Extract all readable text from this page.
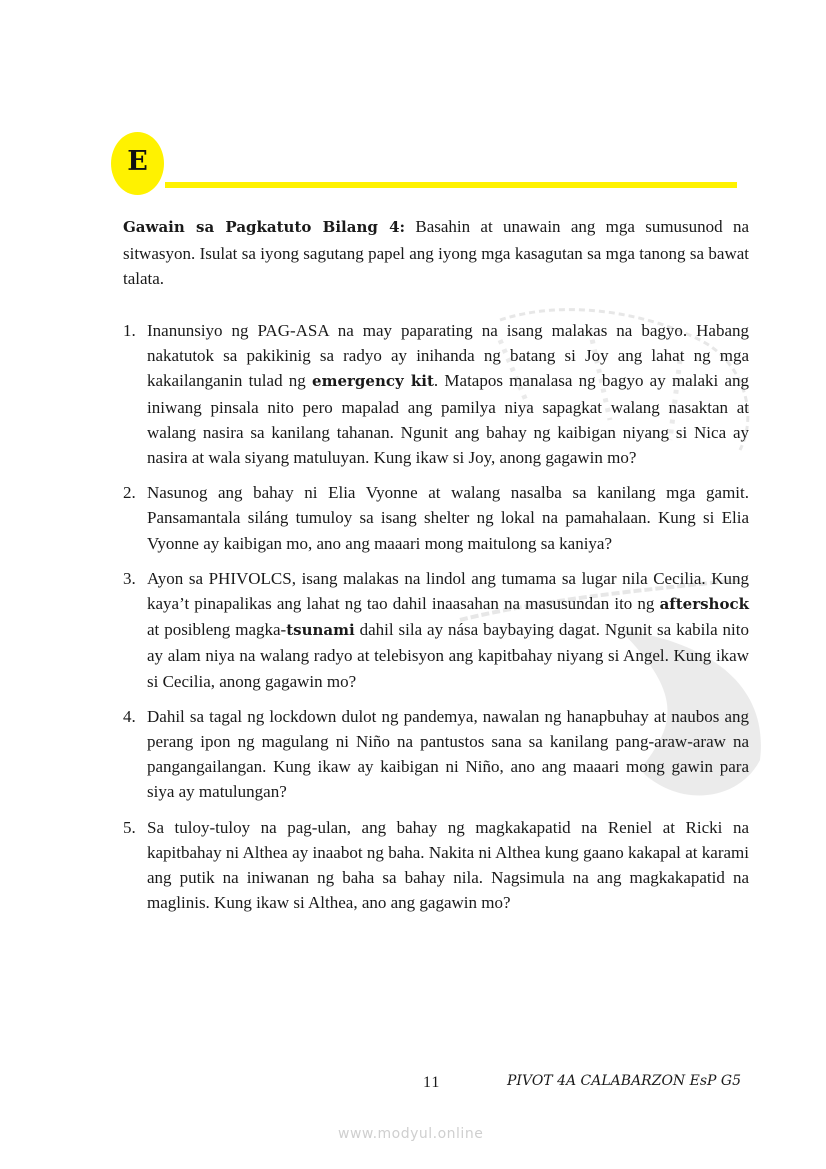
E

Gawain sa Pagkatuto Bilang 4: Basahin at unawain ang mga sumusunod na sitwasyon. Isulat sa iyong sagutang papel ang iyong mga kasagutan sa mga tanong sa bawat talata.

1. Inanunsiyo ng PAG-ASA na may paparating na isang malakas na bagyo. Habang nakatutok sa pakikinig sa radyo ay inihanda ng batang si Joy ang lahat ng mga kakailanganin tulad ng emergency kit. Matapos manalasa ng bagyo ay malaki ang iniwang pinsala nito pero mapalad ang pamilya niya sapagkat walang nasaktan at walang nasira sa kanilang tahanan. Ngunit ang bahay ng kaibigan niyang si Nica ay nasira at wala siyang matuluyan. Kung ikaw si Joy, anong gagawin mo?
2. Nasunog ang bahay ni Elia Vyonne at walang nasalba sa kanilang mga gamit. Pansamantala siláng tumuloy sa isang shelter ng lokal na pamahalaan. Kung si Elia Vyonne ay kaibigan mo, ano ang maaari mong maitulong sa kaniya?
3. Ayon sa PHIVOLCS, isang malakas na lindol ang tumama sa lugar nila Cecilia. Kung kaya’t pinapalikas ang lahat ng tao dahil inaasahan na masusundan ito ng aftershock at posibleng magka-tsunami dahil sila ay nása baybaying dagat. Ngunit sa kabila nito ay alam niya na walang radyo at telebisyon ang kapitbahay niyang si Angel. Kung ikaw si Cecilia, anong gagawin mo?
4. Dahil sa tagal ng lockdown dulot ng pandemya, nawalan ng hanapbuhay at naubos ang perang ipon ng magulang ni Niño na pantustos sana sa kanilang pang-araw-araw na pangangailangan. Kung ikaw ay kaibigan ni Niño, ano ang maaari mong gawin para siya ay matulungan?
5. Sa tuloy-tuloy na pag-ulan, ang bahay ng magkakapatid na Reniel at Ricki na kapitbahay ni Althea ay inaabot ng baha. Nakita ni Althea kung gaano kakapal at karami ang putik na iniwanan ng baha sa bahay nila. Nagsimula na ang magkakapatid na maglinis. Kung ikaw si Althea, ano ang gagawin mo?
11	PIVOT 4A CALABARZON EsP G5
www.modyul.online
